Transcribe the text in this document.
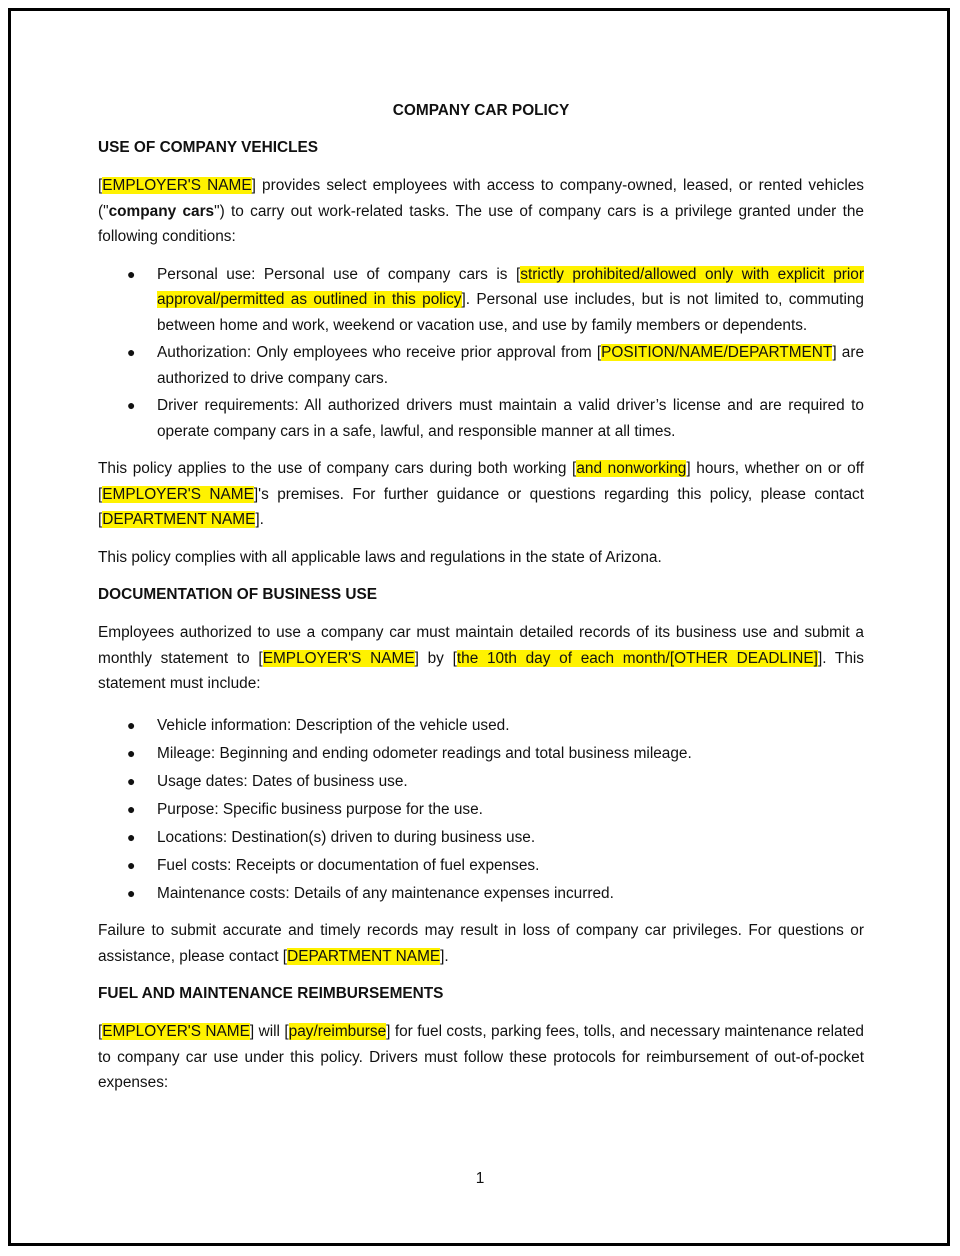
COMPANY CAR POLICY
USE OF COMPANY VEHICLES

[EMPLOYER'S NAME] provides select employees with access to company-owned, leased, or rented vehicles ("company cars") to carry out work-related tasks. The use of company cars is a privilege granted under the following conditions:

● Personal use: Personal use of company cars is [strictly prohibited/allowed only with explicit prior approval/permitted as outlined in this policy]. Personal use includes, but is not limited to, commuting between home and work, weekend or vacation use, and use by family members or dependents.
● Authorization: Only employees who receive prior approval from [POSITION/NAME/DEPARTMENT] are authorized to drive company cars.
● Driver requirements: All authorized drivers must maintain a valid driver’s license and are required to operate company cars in a safe, lawful, and responsible manner at all times.

This policy applies to the use of company cars during both working [and nonworking] hours, whether on or off [EMPLOYER'S NAME]'s premises. For further guidance or questions regarding this policy, please contact [DEPARTMENT NAME].

This policy complies with all applicable laws and regulations in the state of Arizona.

DOCUMENTATION OF BUSINESS USE

Employees authorized to use a company car must maintain detailed records of its business use and submit a monthly statement to [EMPLOYER'S NAME] by [the 10th day of each month/[OTHER DEADLINE]]. This statement must include:

● Vehicle information: Description of the vehicle used.
● Mileage: Beginning and ending odometer readings and total business mileage.
● Usage dates: Dates of business use.
● Purpose: Specific business purpose for the use.
● Locations: Destination(s) driven to during business use.
● Fuel costs: Receipts or documentation of fuel expenses.
● Maintenance costs: Details of any maintenance expenses incurred.

Failure to submit accurate and timely records may result in loss of company car privileges. For questions or assistance, please contact [DEPARTMENT NAME].

FUEL AND MAINTENANCE REIMBURSEMENTS

[EMPLOYER'S NAME] will [pay/reimburse] for fuel costs, parking fees, tolls, and necessary maintenance related to company car use under this policy. Drivers must follow these protocols for reimbursement of out-of-pocket expenses:

1
